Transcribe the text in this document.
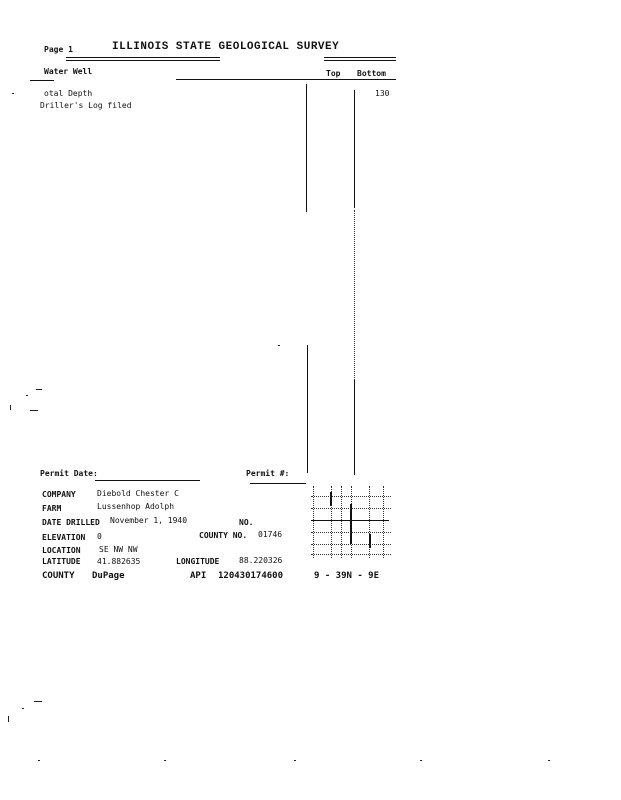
Page 1	ILLINOIS STATE GEOLOGICAL SURVEY
Water Well	Top Bottom
otal Depth	130
Driller's Log filed
Permit Date:	Permit #:
COMPANY	Diebold Chester C
FARM	Lussenhop Adolph
DATE DRILLED November 1, 1940	NO.
ELEVATION 0	COUNTY NO. 01746
LOCATION SE NW NW
LATITUDE 41.882635	LONGITUDE 88.220326
COUNTY DuPage	API 120430174600	9 - 39N - 9E
